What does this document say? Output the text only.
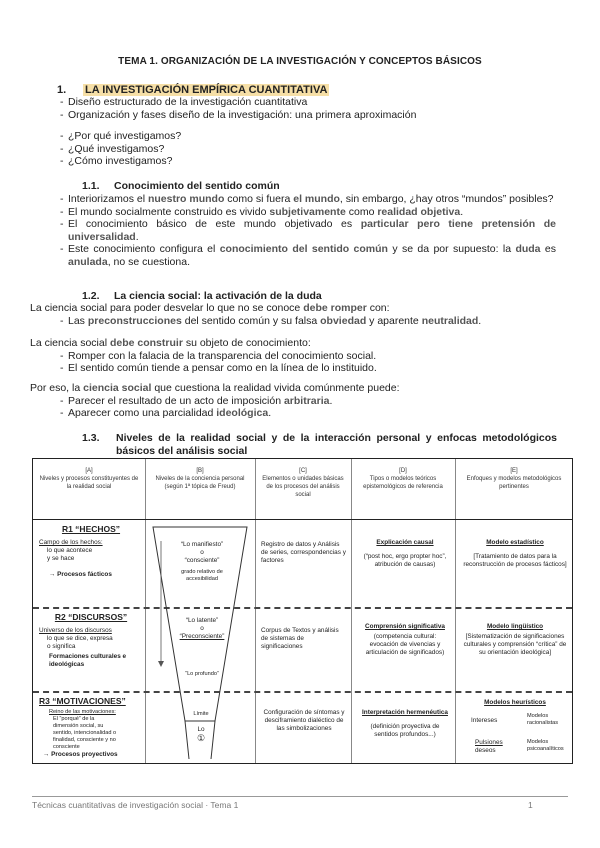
TEMA 1. ORGANIZACIÓN DE LA INVESTIGACIÓN Y CONCEPTOS BÁSICOS
1. LA INVESTIGACIÓN EMPÍRICA CUANTITATIVA
- Diseño estructurado de la investigación cuantitativa
- Organización y fases diseño de la investigación: una primera aproximación
- ¿Por qué investigamos?
- ¿Qué investigamos?
- ¿Cómo investigamos?
1.1. Conocimiento del sentido común
- Interiorizamos el nuestro mundo como si fuera el mundo, sin embargo, ¿hay otros “mundos” posibles?
- El mundo socialmente construido es vivido subjetivamente como realidad objetiva.
- El conocimiento básico de este mundo objetivado es particular pero tiene pretensión de universalidad.
- Este conocimiento configura el conocimiento del sentido común y se da por supuesto: la duda es anulada, no se cuestiona.
1.2. La ciencia social: la activación de la duda
La ciencia social para poder desvelar lo que no se conoce debe romper con:
- Las preconstrucciones del sentido común y su falsa obviedad y aparente neutralidad.
La ciencia social debe construir su objeto de conocimiento:
- Romper con la falacia de la transparencia del conocimiento social.
- El sentido común tiende a pensar como en la línea de lo instituido.
Por eso, la ciencia social que cuestiona la realidad vivida comúnmente puede:
- Parecer el resultado de un acto de imposición arbitraria.
- Aparecer como una parcialidad ideológica.
1.3.	Niveles de la realidad social y de la interacción personal y enfocas metodológicos básicos del análisis social
[A]
Niveles y procesos constituyentes de la realidad social
[B]
Niveles de la conciencia personal (según 1ª tópica de Freud)
[C]
Elementos o unidades básicas de los procesos del análisis social
[D]
Tipos o modelos teóricos epistemológicos de referencia
[E]
Enfoques y modelos metodológicos pertinentes
R1 “HECHOS”
Campo de los hechos:
lo que acontece
y se hace
→ Procesos fácticos
“Lo manifiesto”
o
“consciente”
grado relativo de accesibilidad
Registro de datos y Análisis de series, correspondencias y factores
Explicación causal
(“post hoc, ergo propter hoc”, atribución de causas)
Modelo estadístico
[Tratamiento de datos para la reconstrucción de procesos fácticos]
R2 “DISCURSOS”
Universo de los discursos
lo que se dice, expresa
o significa
Formaciones culturales e ideológicas
“Lo latente”
o
“Preconsciente”
“Lo profundo”
Corpus de Textos y análisis de sistemas de significaciones
Comprensión significativa
(competencia cultural: evocación de vivencias y articulación de significados)
Modelo lingüístico
[Sistematización de significaciones culturales y comprensión “crítica” de su orientación ideológica]
R3 “MOTIVACIONES”
Reino de las motivaciones:
El “porqué” de la
dimensión social, su
sentido, intencionalidad o
finalidad, consciente y no
consciente
→ Procesos proyectivos
Límite
Lo
①
Configuración de síntomas y desciframiento dialéctico de las simbolizaciones
Interpretación hermenéutica
(definición proyectiva de sentidos profundos...)
Modelos heurísticos
Intereses
Modelos racionalistas
Pulsiones
deseos
Modelos psicoanalíticos
Técnicas cuantitativas de investigación social · Tema 1	1
